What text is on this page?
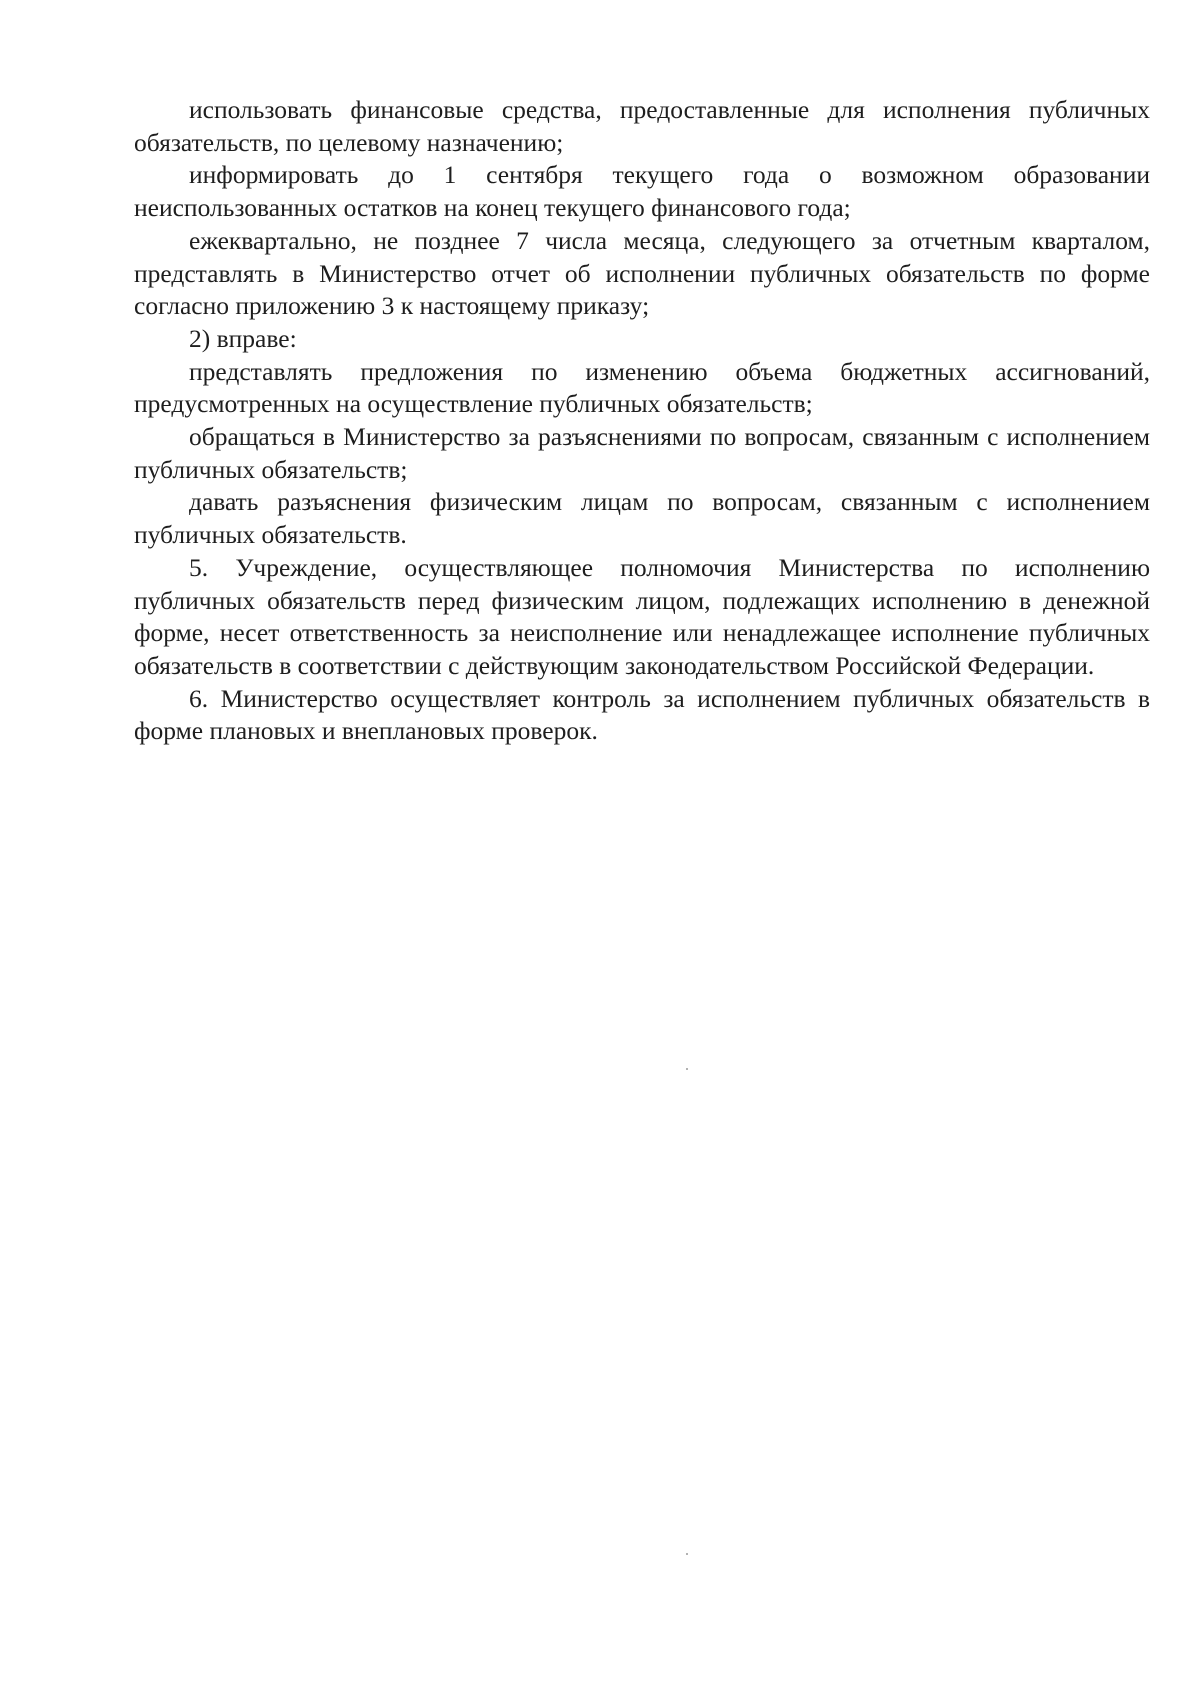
использовать финансовые средства, предоставленные для исполнения публичных обязательств, по целевому назначению;

информировать до 1 сентября текущего года о возможном образовании неиспользованных остатков на конец текущего финансового года;

ежеквартально, не позднее 7 числа месяца, следующего за отчетным кварталом, представлять в Министерство отчет об исполнении публичных обязательств по форме согласно приложению 3 к настоящему приказу;

2) вправе:

представлять предложения по изменению объема бюджетных ассигнований, предусмотренных на осуществление публичных обязательств;

обращаться в Министерство за разъяснениями по вопросам, связанным с исполнением публичных обязательств;

давать разъяснения физическим лицам по вопросам, связанным с исполнением публичных обязательств.

5. Учреждение, осуществляющее полномочия Министерства по исполнению публичных обязательств перед физическим лицом, подлежащих исполнению в денежной форме, несет ответственность за неисполнение или ненадлежащее исполнение публичных обязательств в соответствии с действующим законодательством Российской Федерации.

6. Министерство осуществляет контроль за исполнением публичных обязательств в форме плановых и внеплановых проверок.
